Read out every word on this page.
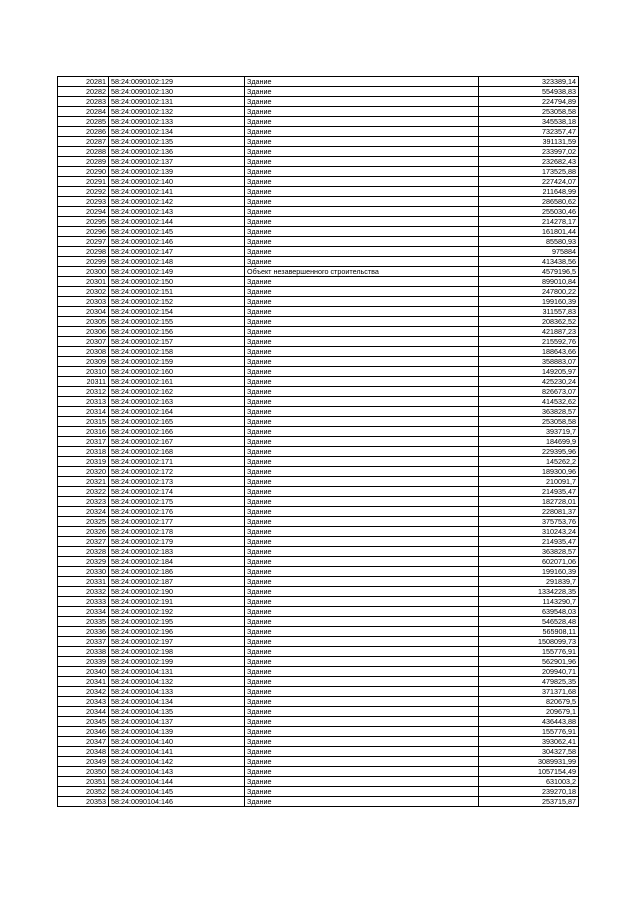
20281	58:24:0090102:129	Здание	323389,14
20282	58:24:0090102:130	Здание	554938,83
20283	58:24:0090102:131	Здание	224794,89
20284	58:24:0090102:132	Здание	253058,58
20285	58:24:0090102:133	Здание	345538,18
20286	58:24:0090102:134	Здание	732357,47
20287	58:24:0090102:135	Здание	391131,59
20288	58:24:0090102:136	Здание	233997,02
20289	58:24:0090102:137	Здание	232682,43
20290	58:24:0090102:139	Здание	173525,88
20291	58:24:0090102:140	Здание	227424,07
20292	58:24:0090102:141	Здание	211648,99
20293	58:24:0090102:142	Здание	286580,62
20294	58:24:0090102:143	Здание	255030,46
20295	58:24:0090102:144	Здание	214278,17
20296	58:24:0090102:145	Здание	161801,44
20297	58:24:0090102:146	Здание	85580,93
20298	58:24:0090102:147	Здание	975884
20299	58:24:0090102:148	Здание	413438,56
20300	58:24:0090102:149	Объект незавершенного строительства	4579196,5
20301	58:24:0090102:150	Здание	899010,84
20302	58:24:0090102:151	Здание	247800,22
20303	58:24:0090102:152	Здание	199160,39
20304	58:24:0090102:154	Здание	311557,83
20305	58:24:0090102:155	Здание	208362,52
20306	58:24:0090102:156	Здание	421887,23
20307	58:24:0090102:157	Здание	215592,76
20308	58:24:0090102:158	Здание	188643,66
20309	58:24:0090102:159	Здание	358883,07
20310	58:24:0090102:160	Здание	149205,97
20311	58:24:0090102:161	Здание	425230,24
20312	58:24:0090102:162	Здание	826673,07
20313	58:24:0090102:163	Здание	414532,62
20314	58:24:0090102:164	Здание	363828,57
20315	58:24:0090102:165	Здание	253058,58
20316	58:24:0090102:166	Здание	393719,7
20317	58:24:0090102:167	Здание	184699,9
20318	58:24:0090102:168	Здание	229395,96
20319	58:24:0090102:171	Здание	145262,2
20320	58:24:0090102:172	Здание	189300,96
20321	58:24:0090102:173	Здание	210091,7
20322	58:24:0090102:174	Здание	214935,47
20323	58:24:0090102:175	Здание	182728,01
20324	58:24:0090102:176	Здание	228081,37
20325	58:24:0090102:177	Здание	375753,76
20326	58:24:0090102:178	Здание	310243,24
20327	58:24:0090102:179	Здание	214935,47
20328	58:24:0090102:183	Здание	363828,57
20329	58:24:0090102:184	Здание	602071,06
20330	58:24:0090102:186	Здание	199160,39
20331	58:24:0090102:187	Здание	291839,7
20332	58:24:0090102:190	Здание	1334228,35
20333	58:24:0090102:191	Здание	1143290,7
20334	58:24:0090102:192	Здание	639548,03
20335	58:24:0090102:195	Здание	546528,48
20336	58:24:0090102:196	Здание	565908,11
20337	58:24:0090102:197	Здание	1508099,73
20338	58:24:0090102:198	Здание	155776,91
20339	58:24:0090102:199	Здание	562901,96
20340	58:24:0090104:131	Здание	209940,71
20341	58:24:0090104:132	Здание	479825,35
20342	58:24:0090104:133	Здание	371371,68
20343	58:24:0090104:134	Здание	820679,5
20344	58:24:0090104:135	Здание	209679,1
20345	58:24:0090104:137	Здание	436443,88
20346	58:24:0090104:139	Здание	155776,91
20347	58:24:0090104:140	Здание	393062,41
20348	58:24:0090104:141	Здание	304327,58
20349	58:24:0090104:142	Здание	3089931,99
20350	58:24:0090104:143	Здание	1057154,49
20351	58:24:0090104:144	Здание	631003,2
20352	58:24:0090104:145	Здание	239270,18
20353	58:24:0090104:146	Здание	253715,87
